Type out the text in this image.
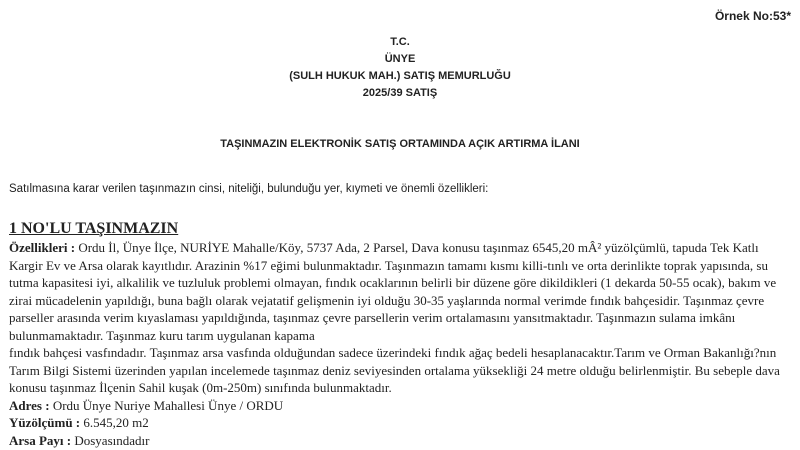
Örnek No:53*
T.C.
ÜNYE
(SULH HUKUK MAH.) SATIŞ MEMURLUĞU
2025/39 SATIŞ
TAŞINMAZIN ELEKTRONİK SATIŞ ORTAMINDA AÇIK ARTIRMA İLANI
Satılmasına karar verilen taşınmazın cinsi, niteliği, bulunduğu yer, kıymeti ve önemli özellikleri:
1 NO'LU TAŞINMAZIN

Özellikleri : Ordu İl, Ünye İlçe, NURİYE Mahalle/Köy, 5737 Ada, 2 Parsel, Dava konusu taşınmaz 6545,20 mÂ² yüzölçümlü, tapuda Tek Katlı Kargir Ev ve Arsa olarak kayıtlıdır. Arazinin %17 eğimi bulunmaktadır. Taşınmazın tamamı kısmı killi-tınlı ve orta derinlikte toprak yapısında, su tutma kapasitesi iyi, alkalilik ve tuzluluk problemi olmayan, fındık ocaklarının belirli bir düzene göre dikildikleri (1 dekarda 50-55 ocak), bakım ve zirai mücadelenin yapıldığı, buna bağlı olarak vejatatif gelişmenin iyi olduğu 30-35 yaşlarında normal verimde fındık bahçesidir. Taşınmaz çevre parseller arasında verim kıyaslaması yapıldığında, taşınmaz çevre parsellerin verim ortalamasını yansıtmaktadır. Taşınmazın sulama imkânı bulunmamaktadır. Taşınmaz kuru tarım uygulanan kapama

fındık bahçesi vasfındadır. Taşınmaz arsa vasfında olduğundan sadece üzerindeki fındık ağaç bedeli hesaplanacaktır.Tarım ve Orman Bakanlığı?nın Tarım Bilgi Sistemi üzerinden yapılan incelemede taşınmaz deniz seviyesinden ortalama yüksekliği 24 metre olduğu belirlenmiştir. Bu sebeple dava konusu taşınmaz İlçenin Sahil kuşak (0m-250m) sınıfında bulunmaktadır.

Adres : Ordu Ünye Nuriye Mahallesi Ünye / ORDU

Yüzölçümü : 6.545,20 m2

Arsa Payı : Dosyasındadır
